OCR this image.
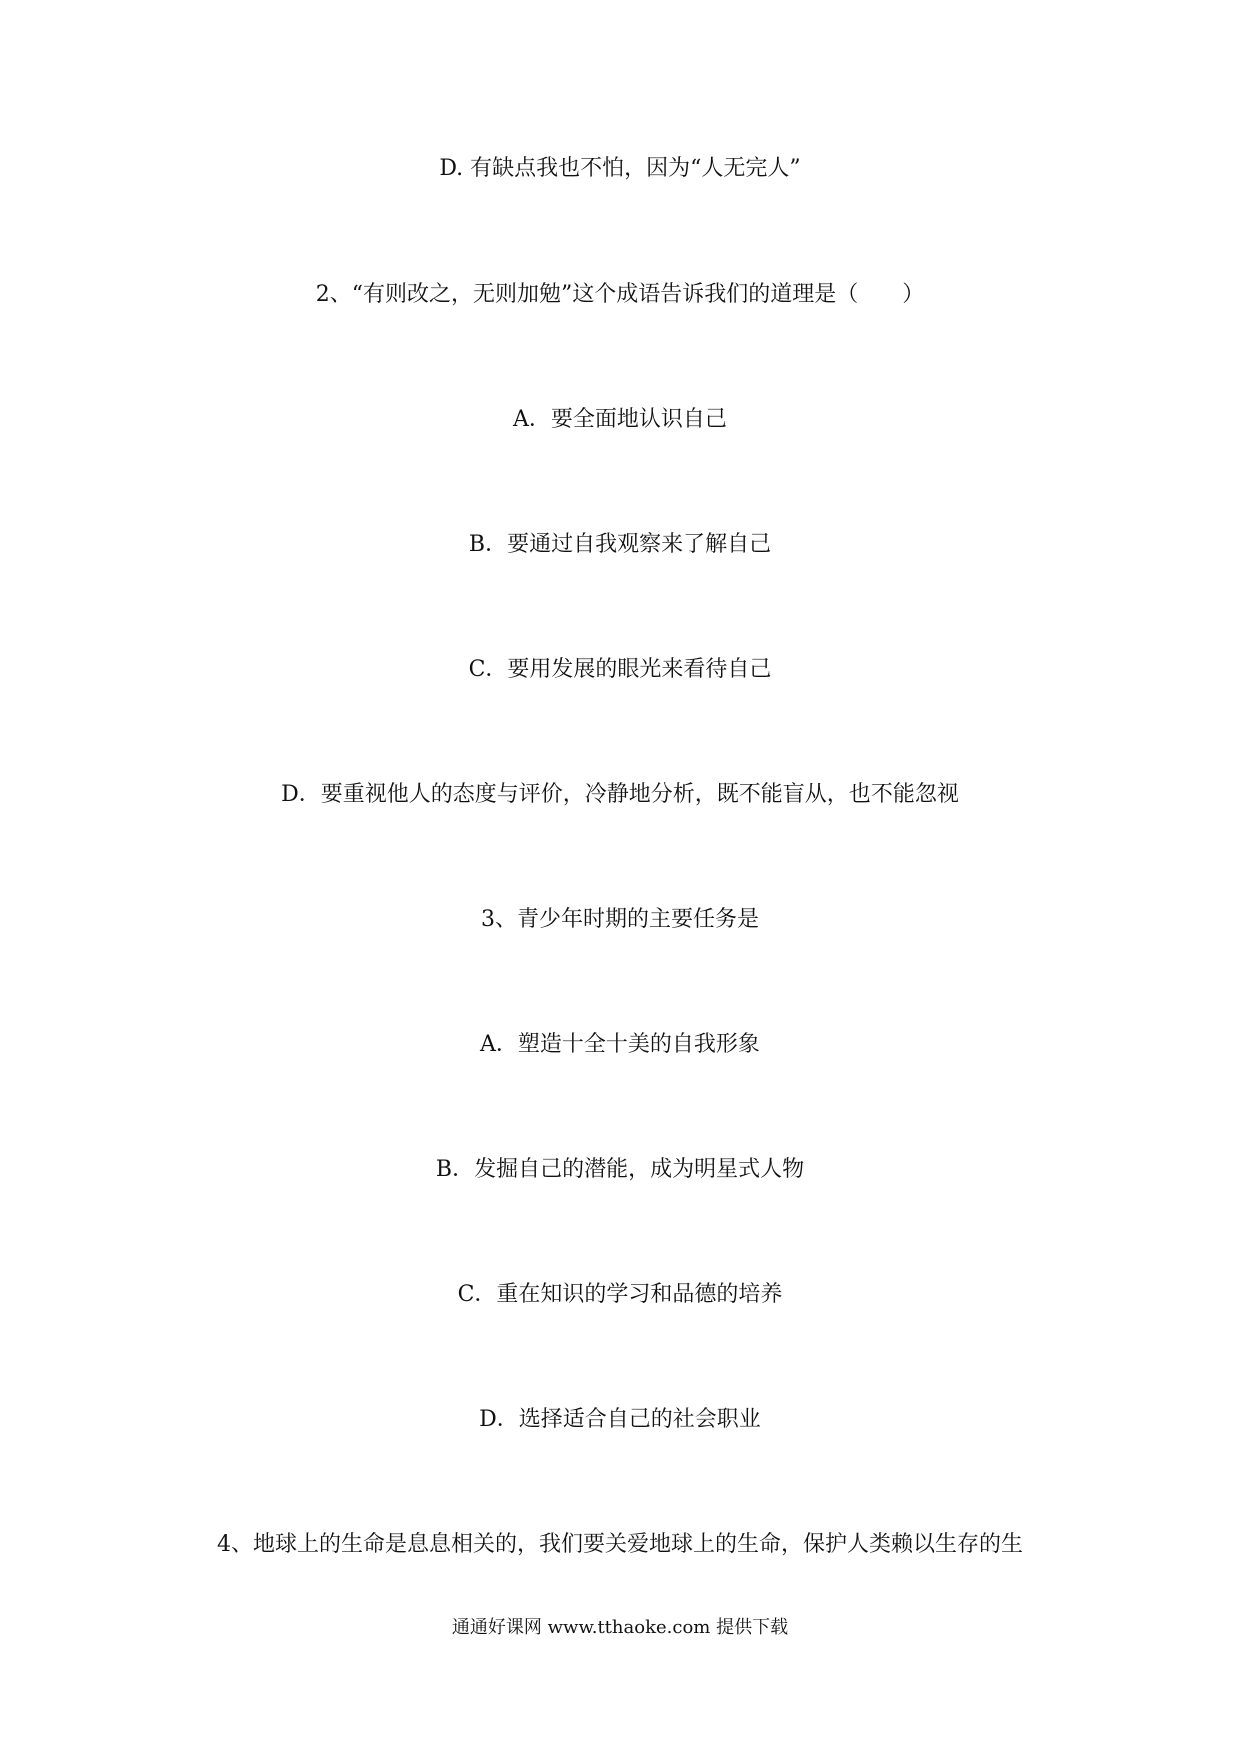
D. 有缺点我也不怕，因为“人无完人”
2、“有则改之，无则加勉”这个成语告诉我们的道理是（　　）
A．要全面地认识自己
B．要通过自我观察来了解自己
C．要用发展的眼光来看待自己
D．要重视他人的态度与评价，冷静地分析，既不能盲从，也不能忽视
3、青少年时期的主要任务是
A．塑造十全十美的自我形象
B．发掘自己的潜能，成为明星式人物
C．重在知识的学习和品德的培养
D．选择适合自己的社会职业
4、地球上的生命是息息相关的，我们要关爱地球上的生命，保护人类赖以生存的生
通通好课网 www.tthaoke.com 提供下载
